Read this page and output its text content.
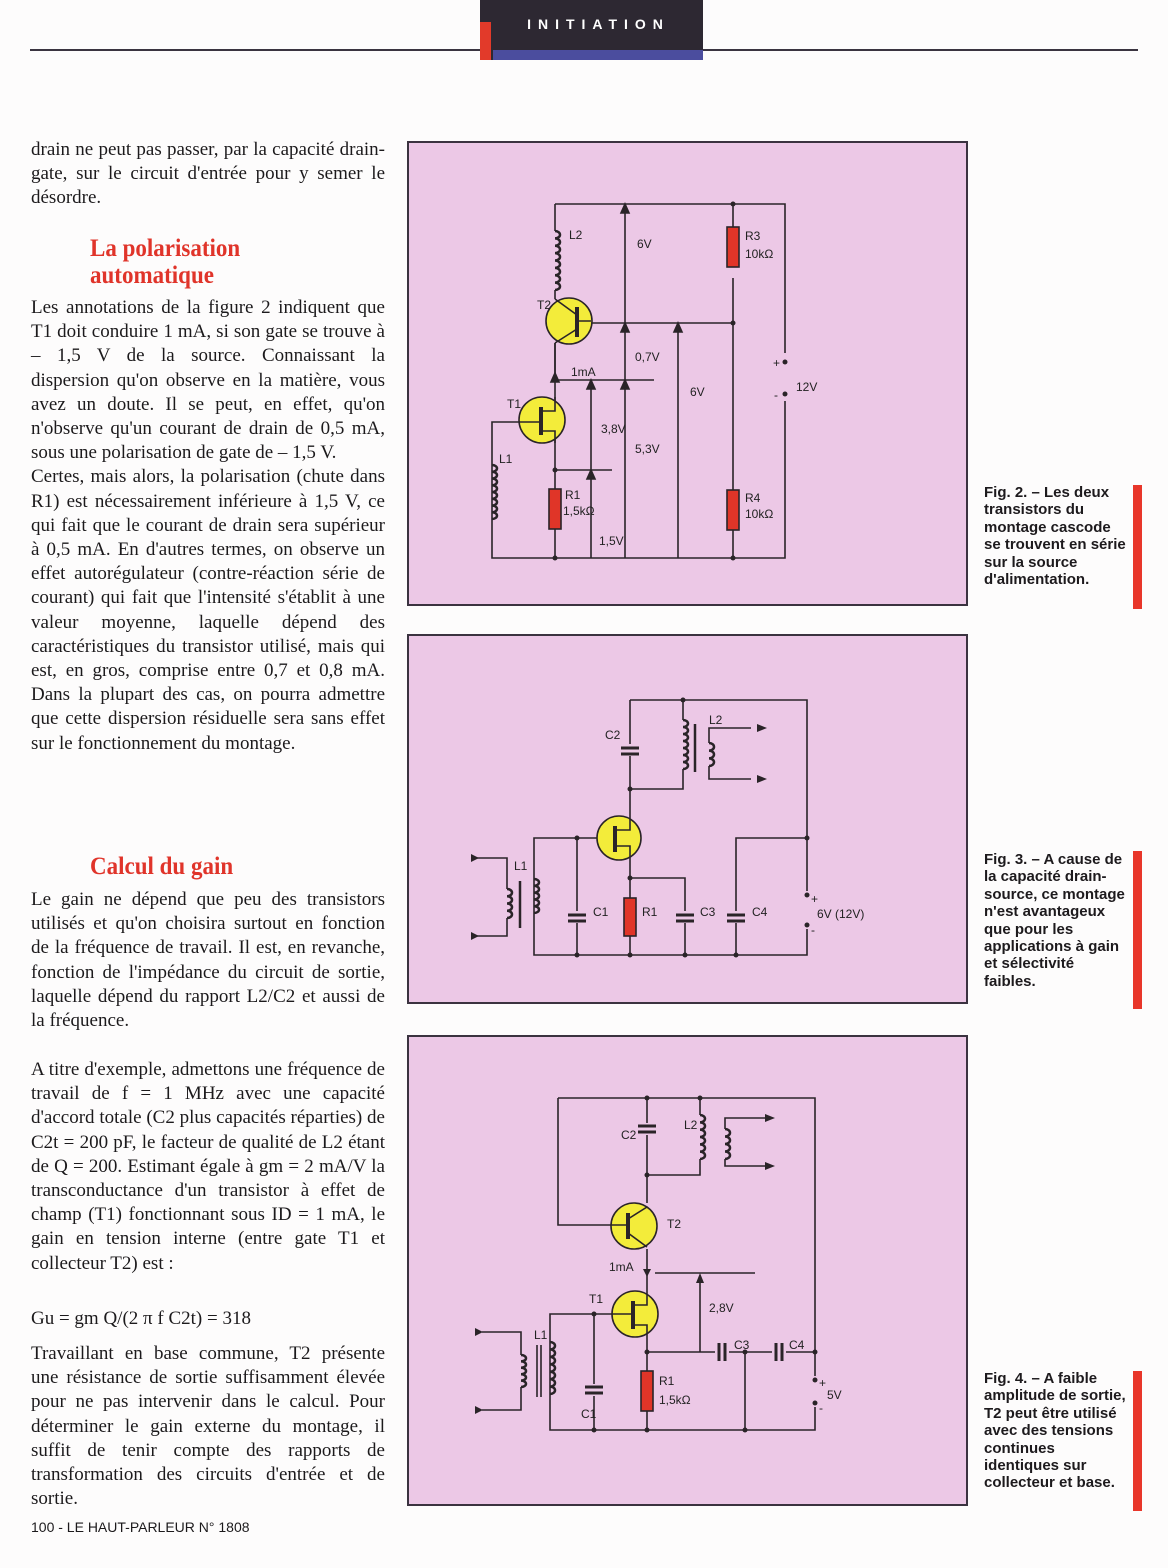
INITIATION

drain ne peut pas passer, par la capacité drain-gate, sur le circuit d'entrée pour y semer le désordre.

La polarisation automatique

Les annotations de la figure 2 indiquent que T1 doit conduire 1 mA, si son gate se trouve à – 1,5 V de la source. Connaissant la dispersion qu'on observe en la matière, vous avez un doute. Il se peut, en effet, qu'on n'observe qu'un courant de drain de 0,5 mA, sous une polarisation de gate de – 1,5 V.

Certes, mais alors, la polarisation (chute dans R1) est nécessairement inférieure à 1,5 V, ce qui fait que le courant de drain sera supérieur à 0,5 mA. En d'autres termes, on observe un effet autorégulateur (contre-réaction série de courant) qui fait que l'intensité s'établit à une valeur moyenne, laquelle dépend des caractéristiques du transistor utilisé, mais qui est, en gros, comprise entre 0,7 et 0,8 mA. Dans la plupart des cas, on pourra admettre que cette dispersion résiduelle sera sans effet sur le fonctionnement du montage.

Calcul du gain

Le gain ne dépend que peu des transistors utilisés et qu'on choisira surtout en fonction de la fréquence de travail. Il est, en revanche, fonction de l'impédance du circuit de sortie, laquelle dépend du rapport L2/C2 et aussi de la fréquence.

A titre d'exemple, admettons une fréquence de travail de f = 1 MHz avec une capacité d'accord totale (C2 plus capacités réparties) de C2t = 200 pF, le facteur de qualité de L2 étant de Q = 200. Estimant égale à gm = 2 mA/V la transconductance d'un transistor à effet de champ (T1) fonctionnant sous ID = 1 mA, le gain en tension interne (entre gate T1 et collecteur T2) est :

Gu = gm Q/(2 π f C2t) = 318

Travaillant en base commune, T2 présente une résistance de sortie suffisamment élevée pour ne pas intervenir dans le calcul. Pour déterminer le gain externe du montage, il suffit de tenir compte des rapports de transformation des circuits d'entrée et de sortie.

100 - LE HAUT-PARLEUR N° 1808
L2
T2
T1
L1
R1
1,5kΩ
R3
10kΩ
R4
10kΩ
6V
0,7V
1mA
6V
3,8V
5,3V
1,5V
12V
+
-
Fig. 2. – Les deux transistors du montage cascode se trouvent en série sur la source d'alimentation.
C2
L2
L1
C1	R1	C3	C4	6V (12V)
+
-
Fig. 3. – A cause de la capacité drain-source, ce montage n'est avantageux que pour les applications à gain et sélectivité faibles.
C2
L2
T2
1mA
T1
2,8V
C3	C4
L1
C1
R1
1,5kΩ	5V
+
-
Fig. 4. – A faible amplitude de sortie, T2 peut être utilisé avec des tensions continues identiques sur collecteur et base.
